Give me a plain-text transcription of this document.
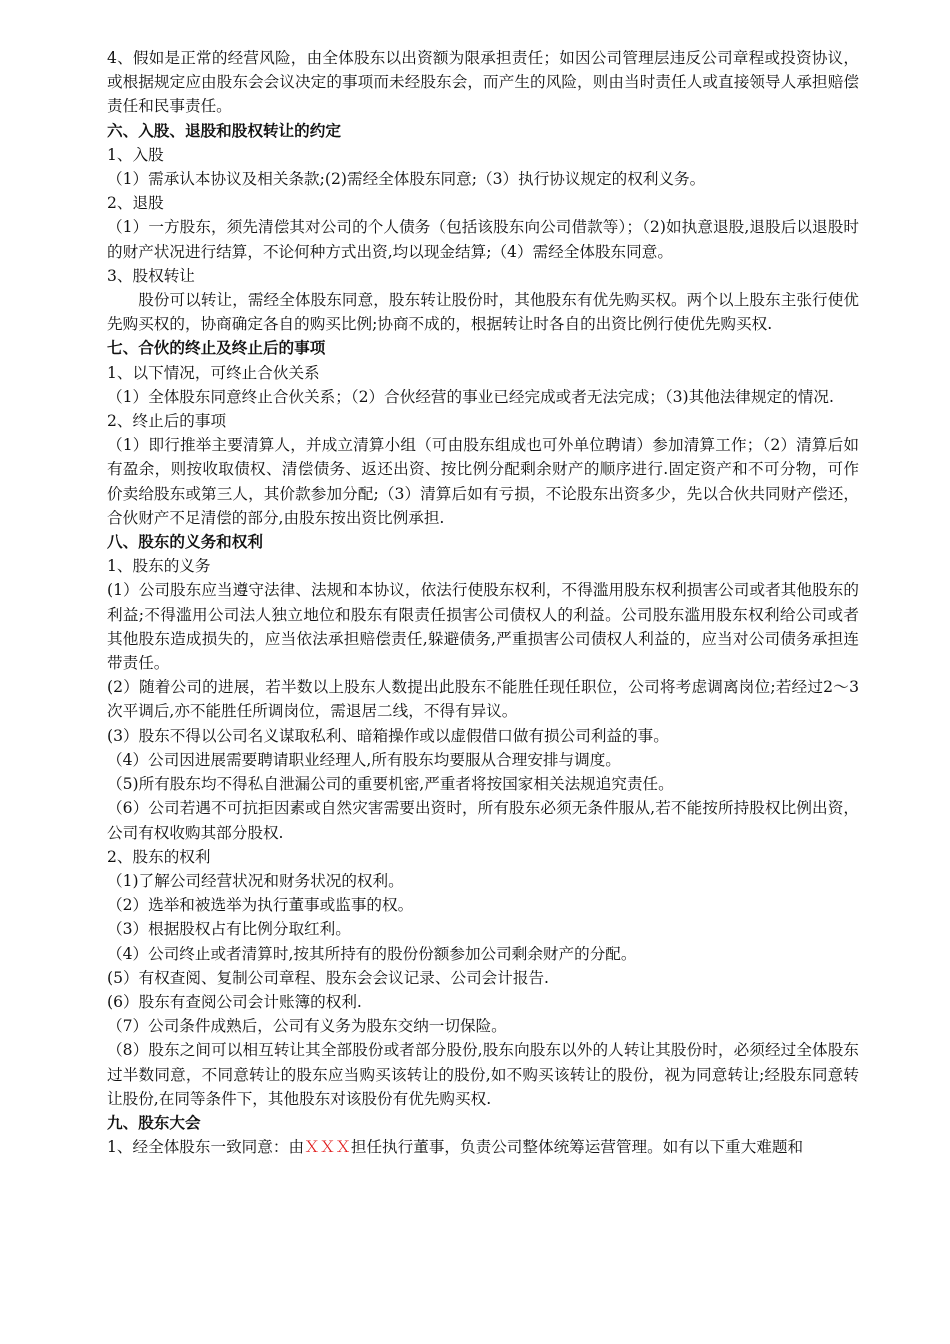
4、假如是正常的经营风险，由全体股东以出资额为限承担责任；如因公司管理层违反公司章程或投资协议，或根据规定应由股东会会议决定的事项而未经股东会，而产生的风险，则由当时责任人或直接领导人承担赔偿责任和民事责任。

六、入股、退股和股权转让的约定

1、入股

（1）需承认本协议及相关条款;(2)需经全体股东同意;（3）执行协议规定的权利义务。

2、退股

（1）一方股东，须先清偿其对公司的个人债务（包括该股东向公司借款等）；（2)如执意退股,退股后以退股时的财产状况进行结算，不论何种方式出资,均以现金结算;（4）需经全体股东同意。

3、股权转让

股份可以转让，需经全体股东同意，股东转让股份时，其他股东有优先购买权。两个以上股东主张行使优先购买权的，协商确定各自的购买比例;协商不成的，根据转让时各自的出资比例行使优先购买权.

七、合伙的终止及终止后的事项

1、以下情况，可终止合伙关系

（1）全体股东同意终止合伙关系；（2）合伙经营的事业已经完成或者无法完成；（3)其他法律规定的情况.

2、终止后的事项

（1）即行推举主要清算人，并成立清算小组（可由股东组成也可外单位聘请）参加清算工作；（2）清算后如有盈余，则按收取债权、清偿债务、返还出资、按比例分配剩余财产的顺序进行.固定资产和不可分物，可作价卖给股东或第三人，其价款参加分配;（3）清算后如有亏损，不论股东出资多少，先以合伙共同财产偿还，合伙财产不足清偿的部分,由股东按出资比例承担.

八、股东的义务和权利

1、股东的义务

(1）公司股东应当遵守法律、法规和本协议，依法行使股东权利，不得滥用股东权利损害公司或者其他股东的利益;不得滥用公司法人独立地位和股东有限责任损害公司债权人的利益。公司股东滥用股东权利给公司或者其他股东造成损失的，应当依法承担赔偿责任,躲避债务,严重损害公司债权人利益的，应当对公司债务承担连带责任。

(2）随着公司的进展，若半数以上股东人数提出此股东不能胜任现任职位，公司将考虑调离岗位;若经过2～3次平调后,亦不能胜任所调岗位，需退居二线，不得有异议。

(3）股东不得以公司名义谋取私利、暗箱操作或以虚假借口做有损公司利益的事。

（4）公司因进展需要聘请职业经理人,所有股东均要服从合理安排与调度。

（5)所有股东均不得私自泄漏公司的重要机密,严重者将按国家相关法规追究责任。

（6）公司若遇不可抗拒因素或自然灾害需要出资时，所有股东必须无条件服从,若不能按所持股权比例出资，公司有权收购其部分股权.

2、股东的权利

（1)了解公司经营状况和财务状况的权利。

（2）选举和被选举为执行董事或监事的权。

（3）根据股权占有比例分取红利。

（4）公司终止或者清算时,按其所持有的股份份额参加公司剩余财产的分配。

(5）有权查阅、复制公司章程、股东会会议记录、公司会计报告.

(6）股东有查阅公司会计账簿的权利.

（7）公司条件成熟后，公司有义务为股东交纳一切保险。

（8）股东之间可以相互转让其全部股份或者部分股份,股东向股东以外的人转让其股份时，必须经过全体股东过半数同意，不同意转让的股东应当购买该转让的股份,如不购买该转让的股份，视为同意转让;经股东同意转让股份,在同等条件下，其他股东对该股份有优先购买权.

九、股东大会

1、经全体股东一致同意：由ＸＸＸ担任执行董事，负责公司整体统筹运营管理。如有以下重大难题和
